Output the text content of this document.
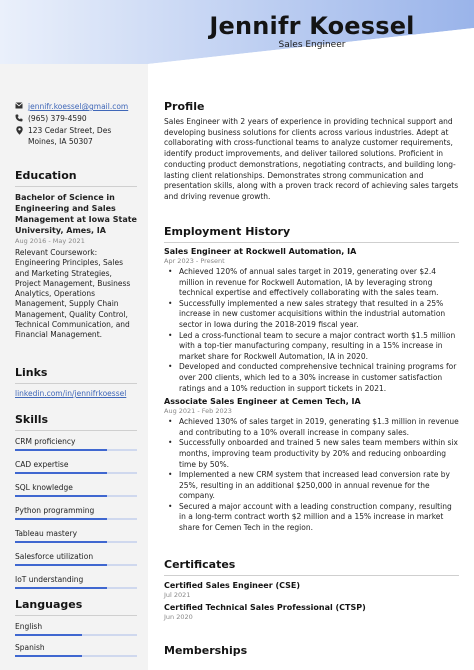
Jennifr Koessel
Sales Engineer
jennifr.koessel@gmail.com
(965) 379-4590
123 Cedar Street, Des Moines, IA 50307
Education
Bachelor of Science in Engineering and Sales Management at Iowa State University, Ames, IA
Aug 2016 - May 2021
Relevant Coursework: Engineering Principles, Sales and Marketing Strategies, Project Management, Business Analytics, Operations Management, Supply Chain Management, Quality Control, Technical Communication, and Financial Management.
Links
linkedin.com/in/jennifrkoessel
Skills
CRM proficiency
CAD expertise
SQL knowledge
Python programming
Tableau mastery
Salesforce utilization
IoT understanding
Languages
English
Spanish
Profile
Sales Engineer with 2 years of experience in providing technical support and developing business solutions for clients across various industries. Adept at collaborating with cross-functional teams to analyze customer requirements, identify product improvements, and deliver tailored solutions. Proficient in conducting product demonstrations, negotiating contracts, and building long-lasting client relationships. Demonstrates strong communication and presentation skills, along with a proven track record of achieving sales targets and driving revenue growth.
Employment History
Sales Engineer at Rockwell Automation, IA
Apr 2023 - Present
• Achieved 120% of annual sales target in 2019, generating over $2.4 million in revenue for Rockwell Automation, IA by leveraging strong technical expertise and effectively collaborating with the sales team.
• Successfully implemented a new sales strategy that resulted in a 25% increase in new customer acquisitions within the industrial automation sector in Iowa during the 2018-2019 fiscal year.
• Led a cross-functional team to secure a major contract worth $1.5 million with a top-tier manufacturing company, resulting in a 15% increase in market share for Rockwell Automation, IA in 2020.
• Developed and conducted comprehensive technical training programs for over 200 clients, which led to a 30% increase in customer satisfaction ratings and a 10% reduction in support tickets in 2021.
Associate Sales Engineer at Cemen Tech, IA
Aug 2021 - Feb 2023
• Achieved 130% of sales target in 2019, generating $1.3 million in revenue and contributing to a 10% overall increase in company sales.
• Successfully onboarded and trained 5 new sales team members within six months, improving team productivity by 20% and reducing onboarding time by 50%.
• Implemented a new CRM system that increased lead conversion rate by 25%, resulting in an additional $250,000 in annual revenue for the company.
• Secured a major account with a leading construction company, resulting in a long-term contract worth $2 million and a 15% increase in market share for Cemen Tech in the region.
Certificates
Certified Sales Engineer (CSE)
Jul 2021
Certified Technical Sales Professional (CTSP)
Jun 2020
Memberships
